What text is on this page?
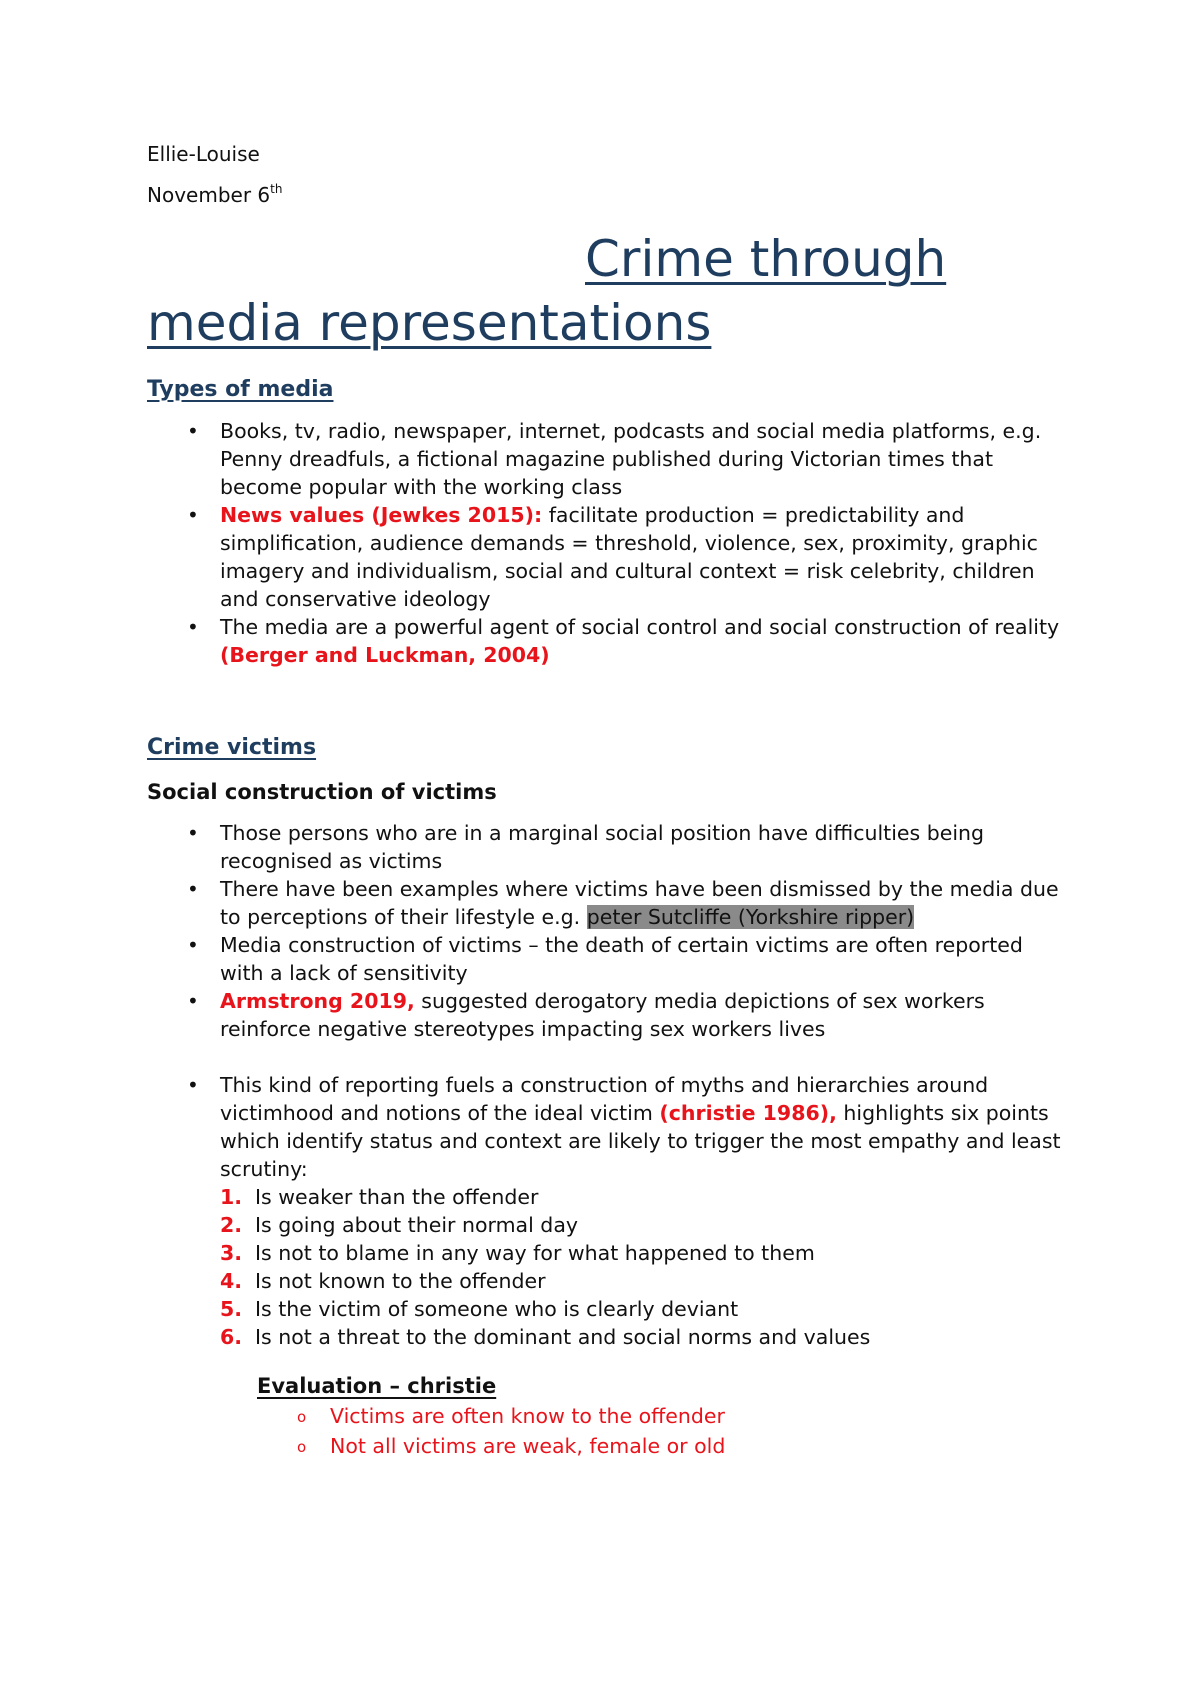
Ellie-Louise

November 6th

Crime through
media representations
Types of media
• Books, tv, radio, newspaper, internet, podcasts and social media platforms, e.g. Penny dreadfuls, a fictional magazine published during Victorian times that become popular with the working class
• News values (Jewkes 2015): facilitate production = predictability and simplification, audience demands = threshold, violence, sex, proximity, graphic imagery and individualism, social and cultural context = risk celebrity, children and conservative ideology
• The media are a powerful agent of social control and social construction of reality (Berger and Luckman, 2004)
Crime victims
Social construction of victims
• Those persons who are in a marginal social position have difficulties being recognised as victims
• There have been examples where victims have been dismissed by the media due to perceptions of their lifestyle e.g. peter Sutcliffe (Yorkshire ripper)
• Media construction of victims – the death of certain victims are often reported with a lack of sensitivity
• Armstrong 2019, suggested derogatory media depictions of sex workers reinforce negative stereotypes impacting sex workers lives
• This kind of reporting fuels a construction of myths and hierarchies around victimhood and notions of the ideal victim (christie 1986), highlights six points which identify status and context are likely to trigger the most empathy and least scrutiny:
1. Is weaker than the offender
2. Is going about their normal day
3. Is not to blame in any way for what happened to them
4. Is not known to the offender
5. Is the victim of someone who is clearly deviant
6. Is not a threat to the dominant and social norms and values
Evaluation – christie
o Victims are often know to the offender
o Not all victims are weak, female or old
